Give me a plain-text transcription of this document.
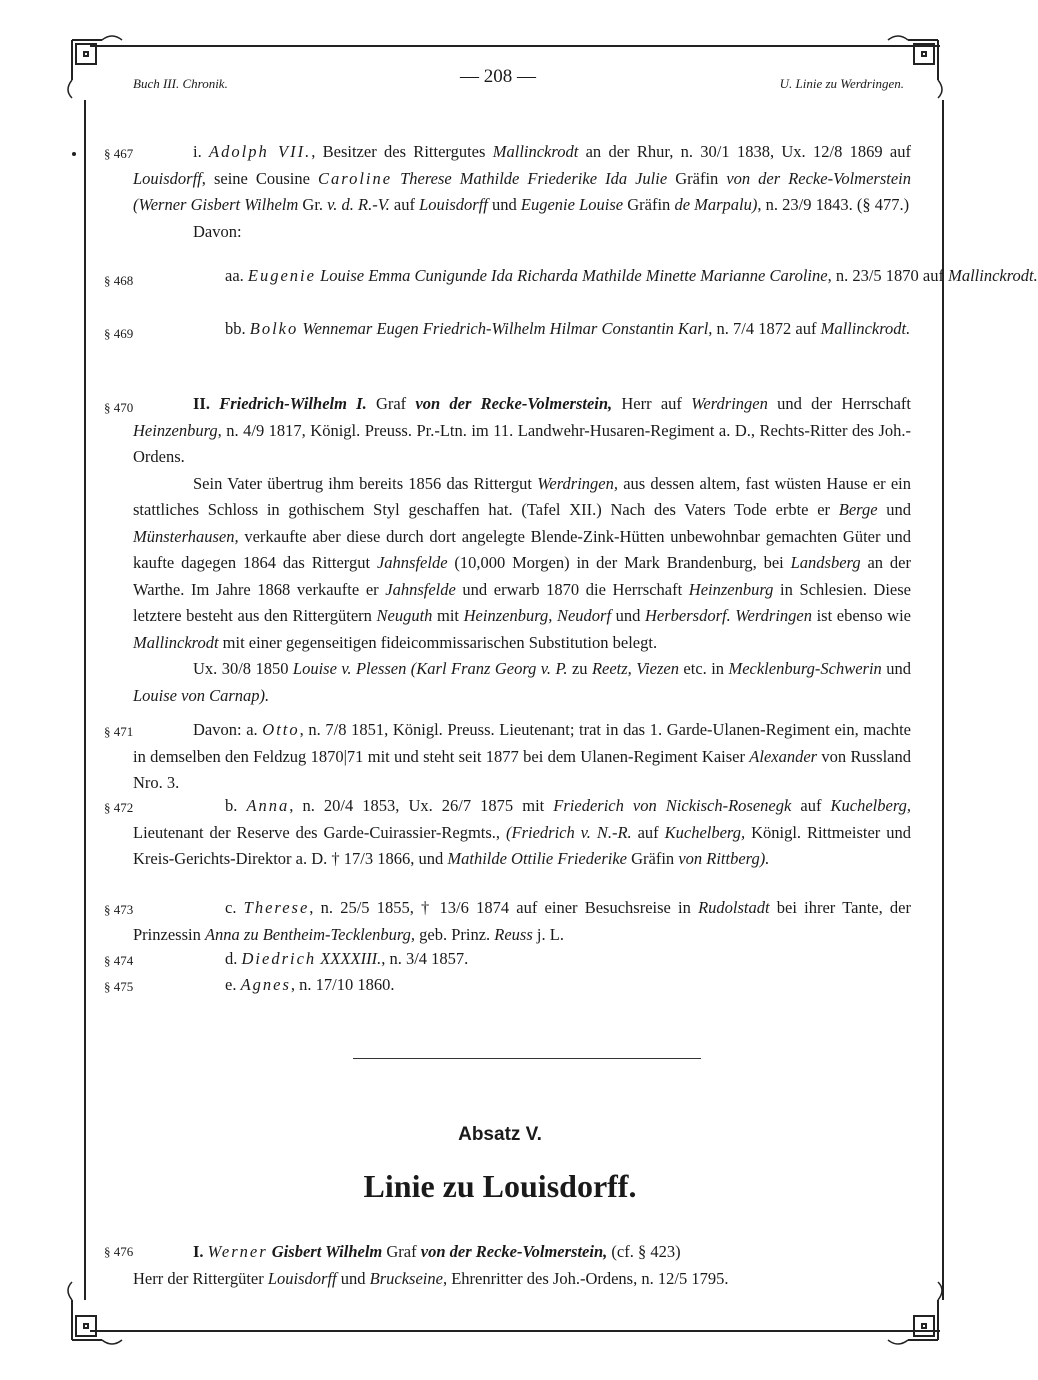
Buch III. Chronik.	— 208 —	U. Linie zu Werdringen.
§ 467	i. Adolph VII., Besitzer des Rittergutes Mallinckrodt an der Rhur, n. 30/1 1838, Ux. 12/8 1869 auf Louisdorff, seine Cousine Caroline Therese Mathilde Friederike Ida Julie Gräfin von der Recke-Volmerstein (Werner Gisbert Wilhelm Gr. v. d. R.-V. auf Louisdorff und Eugenie Louise Gräfin de Marpalu), n. 23/9 1843. (§ 477.)
Davon:
§ 468	aa. Eugenie Louise Emma Cunigunde Ida Richarda Mathilde Minette Marianne Caroline, n. 23/5 1870 auf Mallinckrodt.
§ 469	bb. Bolko Wennemar Eugen Friedrich-Wilhelm Hilmar Constantin Karl, n. 7/4 1872 auf Mallinckrodt.
§ 470	II. Friedrich-Wilhelm I. Graf von der Recke-Volmerstein, Herr auf Werdringen und der Herrschaft Heinzenburg, n. 4/9 1817, Königl. Preuss. Pr.-Ltn. im 11. Landwehr-Husaren-Regiment a. D., Rechts-Ritter des Joh.-Ordens.
Sein Vater übertrug ihm bereits 1856 das Rittergut Werdringen, aus dessen altem, fast wüsten Hause er ein stattliches Schloss in gothischem Styl geschaffen hat. (Tafel XII.) Nach des Vaters Tode erbte er Berge und Münsterhausen, verkaufte aber diese durch dort angelegte Blende-Zink-Hütten unbewohnbar gemachten Güter und kaufte dagegen 1864 das Rittergut Jahnsfelde (10,000 Morgen) in der Mark Brandenburg, bei Landsberg an der Warthe. Im Jahre 1868 verkaufte er Jahnsfelde und erwarb 1870 die Herrschaft Heinzenburg in Schlesien. Diese letztere besteht aus den Rittergütern Neuguth mit Heinzenburg, Neudorf und Herbersdorf. Werdringen ist ebenso wie Mallinckrodt mit einer gegenseitigen fideicommissarischen Substitution belegt.
Ux. 30/8 1850 Louise v. Plessen (Karl Franz Georg v. P. zu Reetz, Viezen etc. in Mecklenburg-Schwerin und Louise von Carnap).
§ 471	Davon: a. Otto, n. 7/8 1851, Königl. Preuss. Lieutenant; trat in das 1. Garde-Ulanen-Regiment ein, machte in demselben den Feldzug 1870|71 mit und steht seit 1877 bei dem Ulanen-Regiment Kaiser Alexander von Russland Nro. 3.
§ 472	b. Anna, n. 20/4 1853, Ux. 26/7 1875 mit Friederich von Nickisch-Rosenegk auf Kuchelberg, Lieutenant der Reserve des Garde-Cuirassier-Regmts., (Friedrich v. N.-R. auf Kuchelberg, Königl. Rittmeister und Kreis-Gerichts-Direktor a. D. † 17/3 1866, und Mathilde Ottilie Friederike Gräfin von Rittberg).
§ 473	c. Therese, n. 25/5 1855, † 13/6 1874 auf einer Besuchsreise in Rudolstadt bei ihrer Tante, der Prinzessin Anna zu Bentheim-Tecklenburg, geb. Prinz. Reuss j. L.
§ 474	d. Diedrich XXXXIII., n. 3/4 1857.
§ 475	e. Agnes, n. 17/10 1860.
Absatz V.
Linie zu Louisdorff.
§ 476	I. Werner Gisbert Wilhelm Graf von der Recke-Volmerstein, (cf. § 423)
Herr der Rittergüter Louisdorff und Bruckseine, Ehrenritter des Joh.-Ordens, n. 12/5 1795.
